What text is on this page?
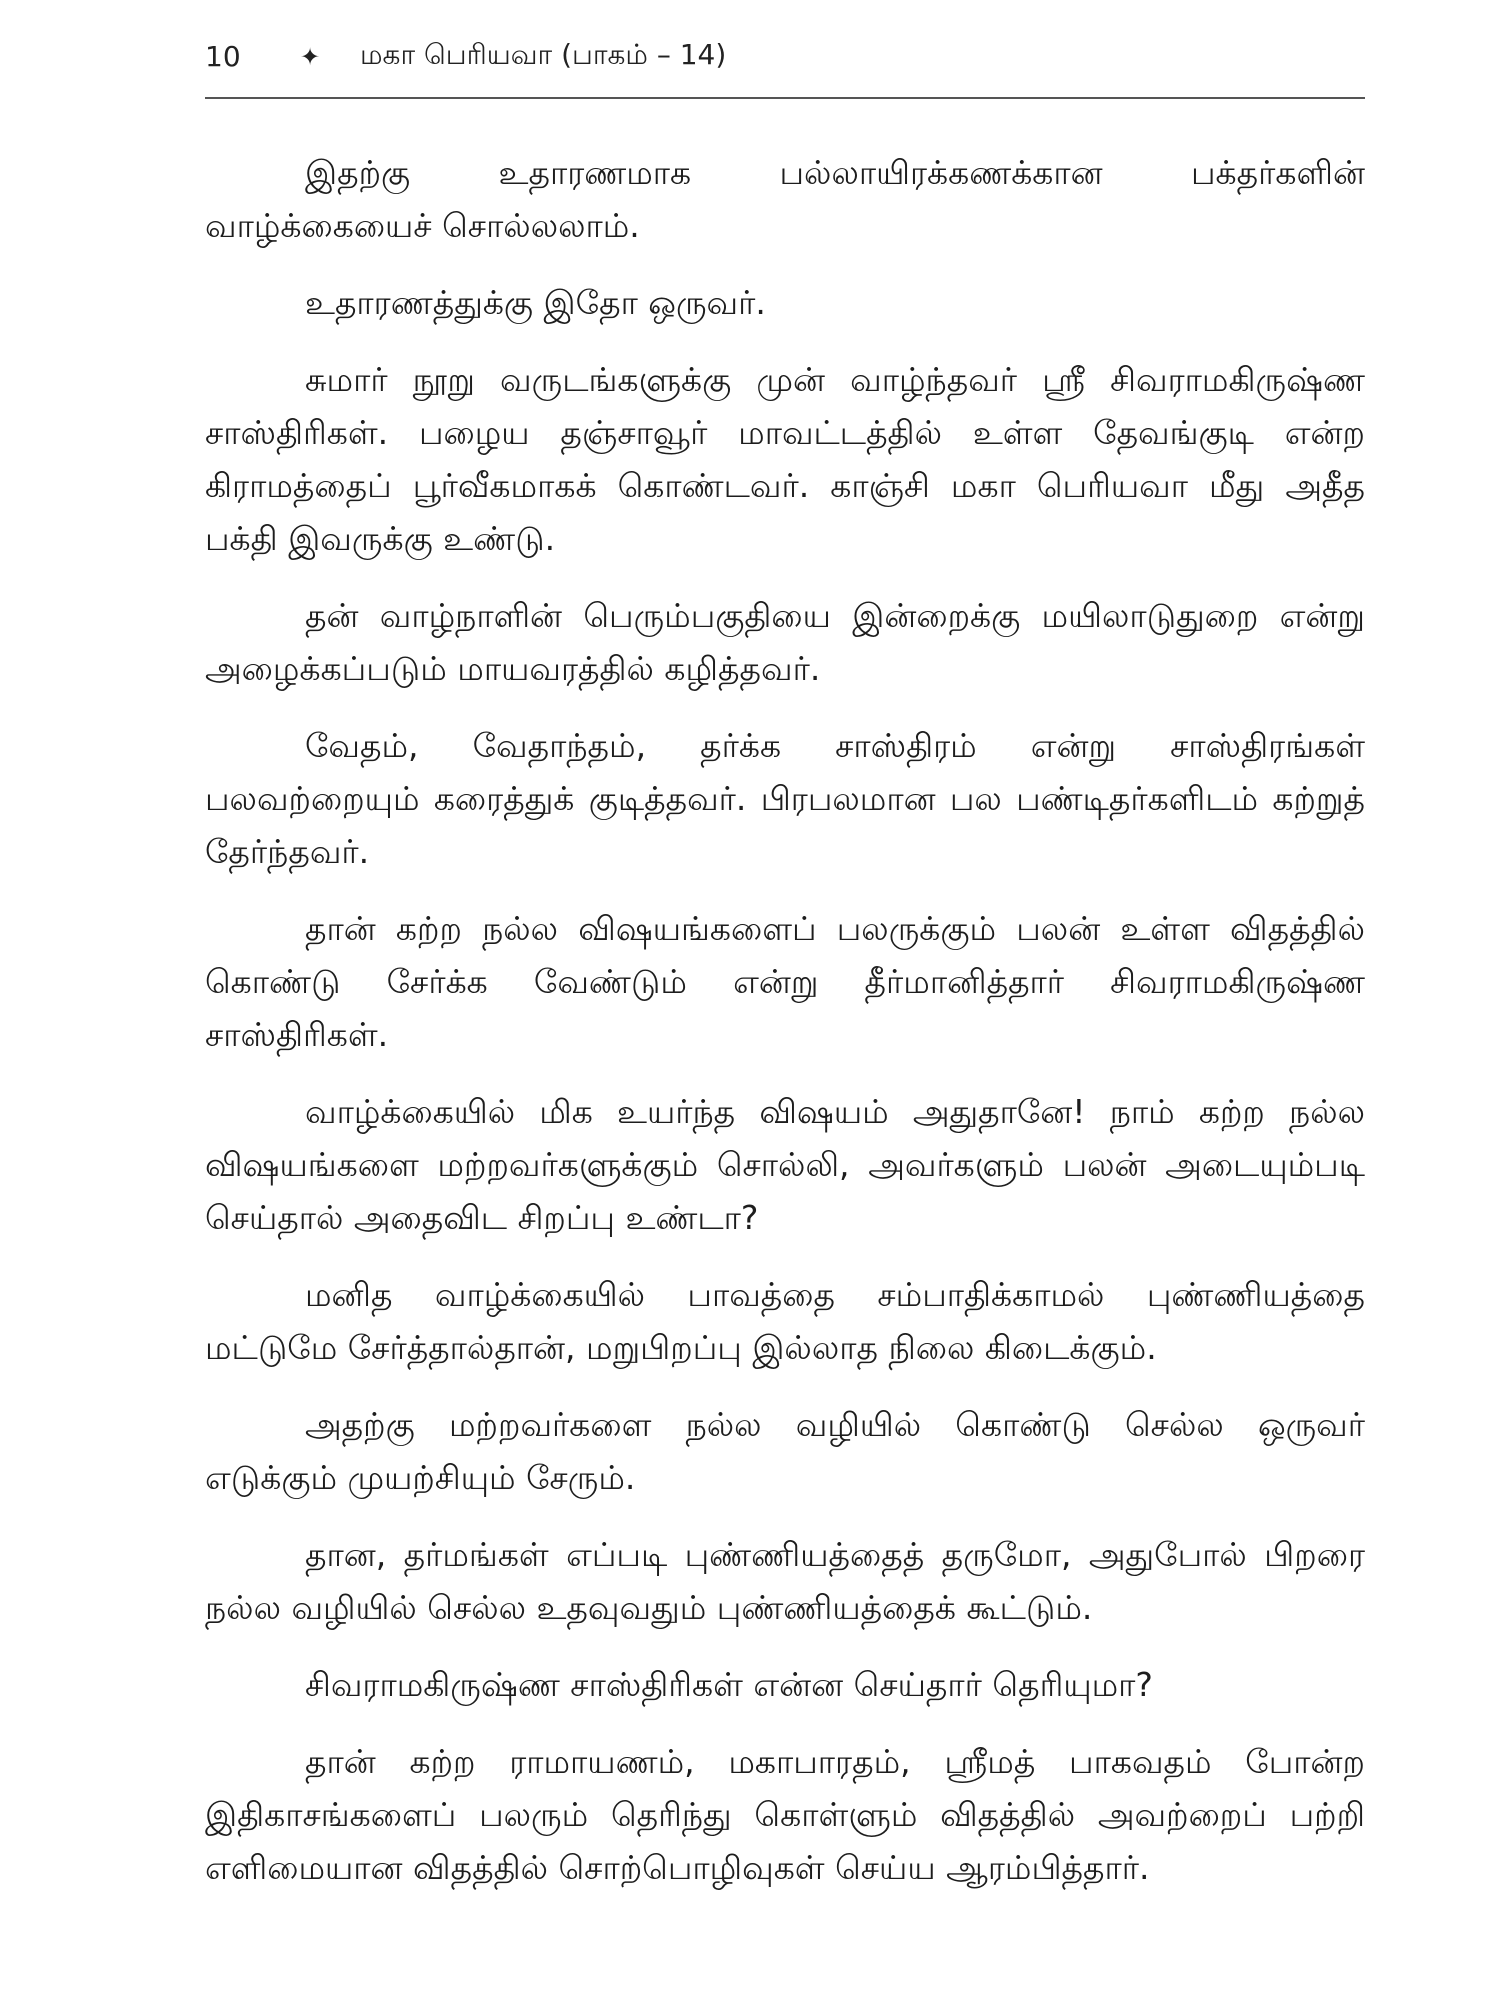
10	✦	மகா பெரியவா (பாகம் – 14)

இதற்கு உதாரணமாக பல்லாயிரக்கணக்கான பக்தர்களின் வாழ்க்கையைச் சொல்லலாம்.

உதாரணத்துக்கு இதோ ஒருவர்.

சுமார் நூறு வருடங்களுக்கு முன் வாழ்ந்தவர் ஸ்ரீ சிவராமகிருஷ்ண சாஸ்திரிகள். பழைய தஞ்சாவூர் மாவட்டத்தில் உள்ள தேவங்குடி என்ற கிராமத்தைப் பூர்வீகமாகக் கொண்டவர். காஞ்சி மகா பெரியவா மீது அதீத பக்தி இவருக்கு உண்டு.

தன் வாழ்நாளின் பெரும்பகுதியை இன்றைக்கு மயிலாடுதுறை என்று அழைக்கப்படும் மாயவரத்தில் கழித்தவர்.

வேதம், வேதாந்தம், தர்க்க சாஸ்திரம் என்று சாஸ்திரங்கள் பலவற்றையும் கரைத்துக் குடித்தவர். பிரபலமான பல பண்டிதர்களிடம் கற்றுத் தேர்ந்தவர்.

தான் கற்ற நல்ல விஷயங்களைப் பலருக்கும் பலன் உள்ள விதத்தில் கொண்டு சேர்க்க வேண்டும் என்று தீர்மானித்தார் சிவராமகிருஷ்ண சாஸ்திரிகள்.

வாழ்க்கையில் மிக உயர்ந்த விஷயம் அதுதானே! நாம் கற்ற நல்ல விஷயங்களை மற்றவர்களுக்கும் சொல்லி, அவர்களும் பலன் அடையும்படி செய்தால் அதைவிட சிறப்பு உண்டா?

மனித வாழ்க்கையில் பாவத்தை சம்பாதிக்காமல் புண்ணியத்தை மட்டுமே சேர்த்தால்தான், மறுபிறப்பு இல்லாத நிலை கிடைக்கும்.

அதற்கு மற்றவர்களை நல்ல வழியில் கொண்டு செல்ல ஒருவர் எடுக்கும் முயற்சியும் சேரும்.

தான, தர்மங்கள் எப்படி புண்ணியத்தைத் தருமோ, அதுபோல் பிறரை நல்ல வழியில் செல்ல உதவுவதும் புண்ணியத்தைக் கூட்டும்.

சிவராமகிருஷ்ண சாஸ்திரிகள் என்ன செய்தார் தெரியுமா?

தான் கற்ற ராமாயணம், மகாபாரதம், ஸ்ரீமத் பாகவதம் போன்ற இதிகாசங்களைப் பலரும் தெரிந்து கொள்ளும் விதத்தில் அவற்றைப் பற்றி எளிமையான விதத்தில் சொற்பொழிவுகள் செய்ய ஆரம்பித்தார்.
